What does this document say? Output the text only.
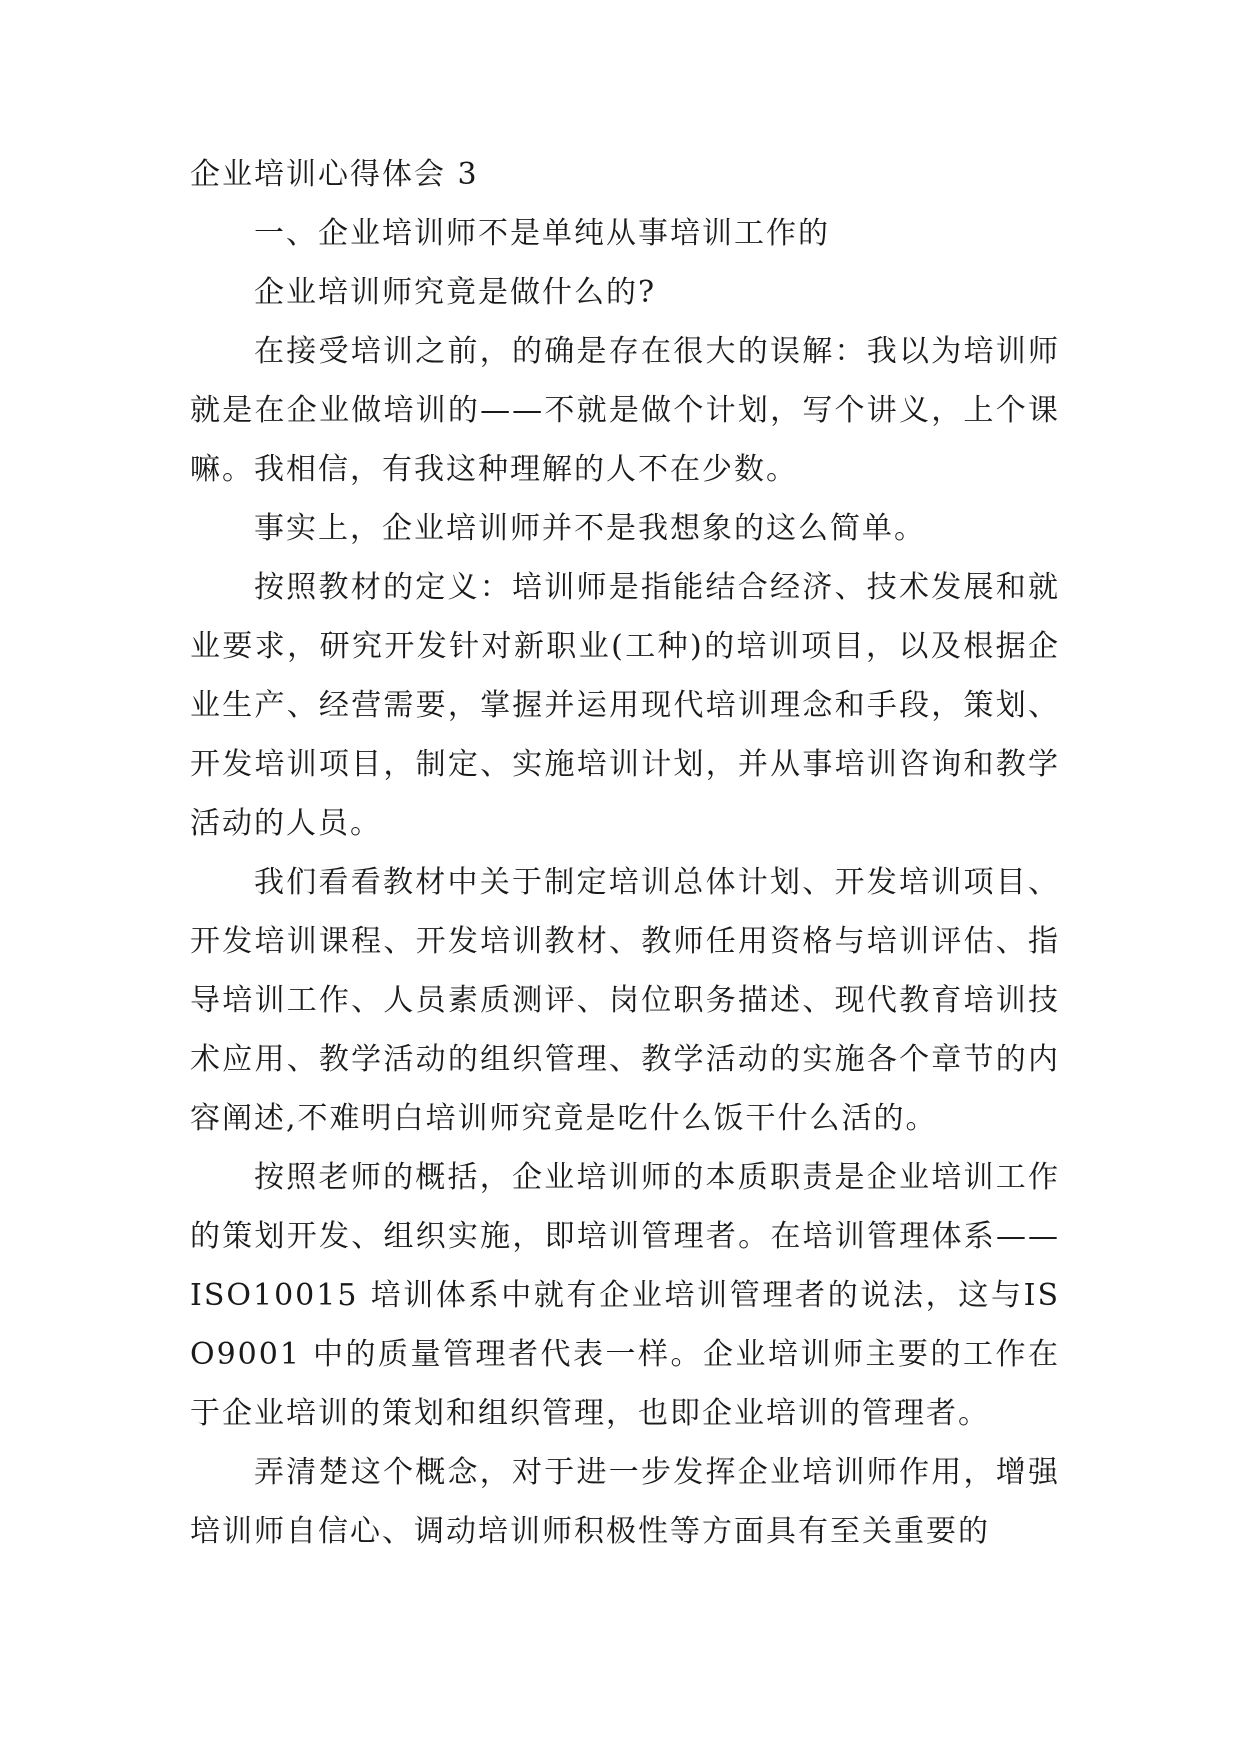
企业培训心得体会 3

一、企业培训师不是单纯从事培训工作的

企业培训师究竟是做什么的?

在接受培训之前，的确是存在很大的误解：我以为培训师就是在企业做培训的——不就是做个计划，写个讲义，上个课嘛。我相信，有我这种理解的人不在少数。

事实上，企业培训师并不是我想象的这么简单。

按照教材的定义：培训师是指能结合经济、技术发展和就业要求，研究开发针对新职业(工种)的培训项目，以及根据企业生产、经营需要，掌握并运用现代培训理念和手段，策划、开发培训项目，制定、实施培训计划，并从事培训咨询和教学活动的人员。

我们看看教材中关于制定培训总体计划、开发培训项目、开发培训课程、开发培训教材、教师任用资格与培训评估、指导培训工作、人员素质测评、岗位职务描述、现代教育培训技术应用、教学活动的组织管理、教学活动的实施各个章节的内容阐述,不难明白培训师究竟是吃什么饭干什么活的。

按照老师的概括，企业培训师的本质职责是企业培训工作的策划开发、组织实施，即培训管理者。在培训管理体系——ISO10015 培训体系中就有企业培训管理者的说法，这与ISO9001 中的质量管理者代表一样。企业培训师主要的工作在于企业培训的策划和组织管理，也即企业培训的管理者。

弄清楚这个概念，对于进一步发挥企业培训师作用，增强培训师自信心、调动培训师积极性等方面具有至关重要的
